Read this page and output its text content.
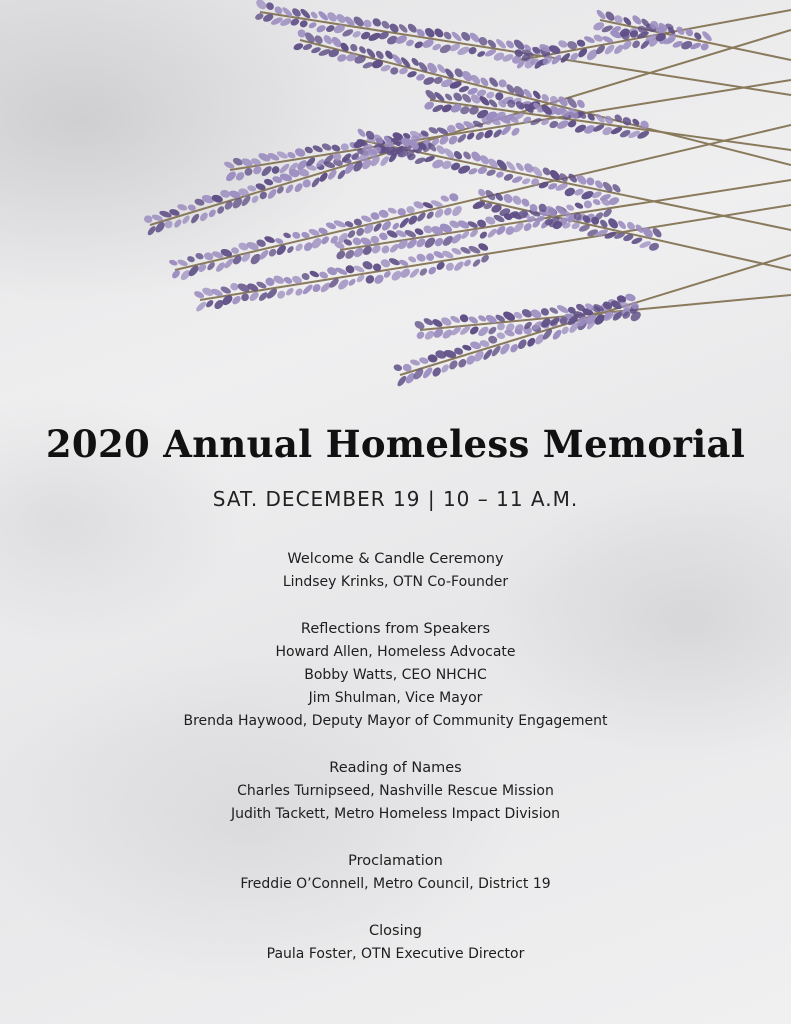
2020 Annual Homeless Memorial
SAT. DECEMBER 19 | 10 – 11 A.M.
Welcome & Candle Ceremony
Lindsey Krinks, OTN Co-Founder
Reflections from Speakers
Howard Allen, Homeless Advocate
Bobby Watts, CEO NHCHC
Jim Shulman, Vice Mayor
Brenda Haywood, Deputy Mayor of Community Engagement
Reading of Names
Charles Turnipseed, Nashville Rescue Mission
Judith Tackett, Metro Homeless Impact Division
Proclamation
Freddie O’Connell, Metro Council, District 19
Closing
Paula Foster, OTN Executive Director
